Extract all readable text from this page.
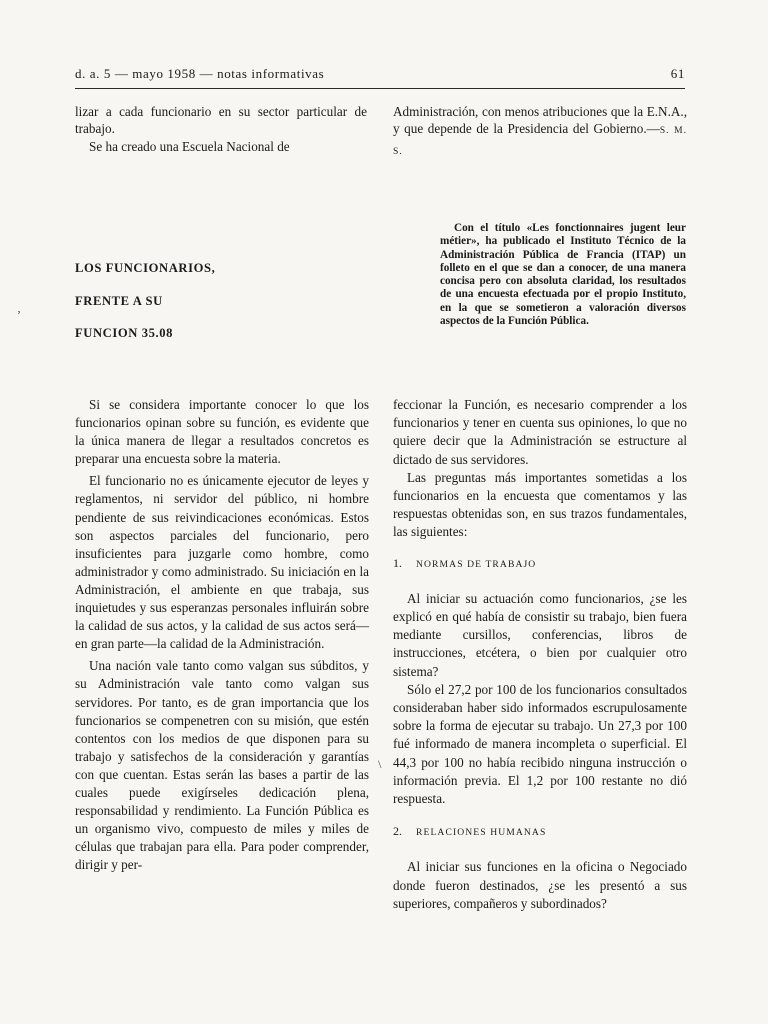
d. a. 5 — mayo 1958 — notas informativas	61

lizar a cada funcionario en su sector particular de trabajo.

Se ha creado una Escuela Nacional de

Administración, con menos atribuciones que la E.N.A., y que depende de la Presidencia del Gobierno.—S. M. S.

LOS FUNCIONARIOS,
FRENTE A SU
FUNCION 35.08

Con el título «Les fonctionnaires jugent leur métier», ha publicado el Instituto Técnico de la Administración Pública de Francia (ITAP) un folleto en el que se dan a conocer, de una manera concisa pero con absoluta claridad, los resultados de una encuesta efectuada por el propio Instituto, en la que se sometieron a valoración diversos aspectos de la Función Pública.

Si se considera importante conocer lo que los funcionarios opinan sobre su función, es evidente que la única manera de llegar a resultados concretos es preparar una encuesta sobre la materia.

El funcionario no es únicamente ejecutor de leyes y reglamentos, ni servidor del público, ni hombre pendiente de sus reivindicaciones económicas. Estos son aspectos parciales del funcionario, pero insuficientes para juzgarle como hombre, como administrador y como administrado. Su iniciación en la Administración, el ambiente en que trabaja, sus inquietudes y sus esperanzas personales influirán sobre la calidad de sus actos, y la calidad de sus actos será—en gran parte—la calidad de la Administración.

Una nación vale tanto como valgan sus súbditos, y su Administración vale tanto como valgan sus servidores. Por tanto, es de gran importancia que los funcionarios se compenetren con su misión, que estén contentos con los medios de que disponen para su trabajo y satisfechos de la consideración y garantías con que cuentan. Estas serán las bases a partir de las cuales puede exigírseles dedicación plena, responsabilidad y rendimiento. La Función Pública es un organismo vivo, compuesto de miles y miles de células que trabajan para ella. Para poder comprender, dirigir y per-

feccionar la Función, es necesario comprender a los funcionarios y tener en cuenta sus opiniones, lo que no quiere decir que la Administración se estructure al dictado de sus servidores.

Las preguntas más importantes sometidas a los funcionarios en la encuesta que comentamos y las respuestas obtenidas son, en sus trazos fundamentales, las siguientes:

1. NORMAS DE TRABAJO

Al iniciar su actuación como funcionarios, ¿se les explicó en qué había de consistir su trabajo, bien fuera mediante cursillos, conferencias, libros de instrucciones, etcétera, o bien por cualquier otro sistema?

Sólo el 27,2 por 100 de los funcionarios consultados consideraban haber sido informados escrupulosamente sobre la forma de ejecutar su trabajo. Un 27,3 por 100 fué informado de manera incompleta o superficial. El 44,3 por 100 no había recibido ninguna instrucción o información previa. El 1,2 por 100 restante no dió respuesta.

2. RELACIONES HUMANAS

Al iniciar sus funciones en la oficina o Negociado donde fueron destinados, ¿se les presentó a sus superiores, compañeros y subordinados?

ʼ
\
